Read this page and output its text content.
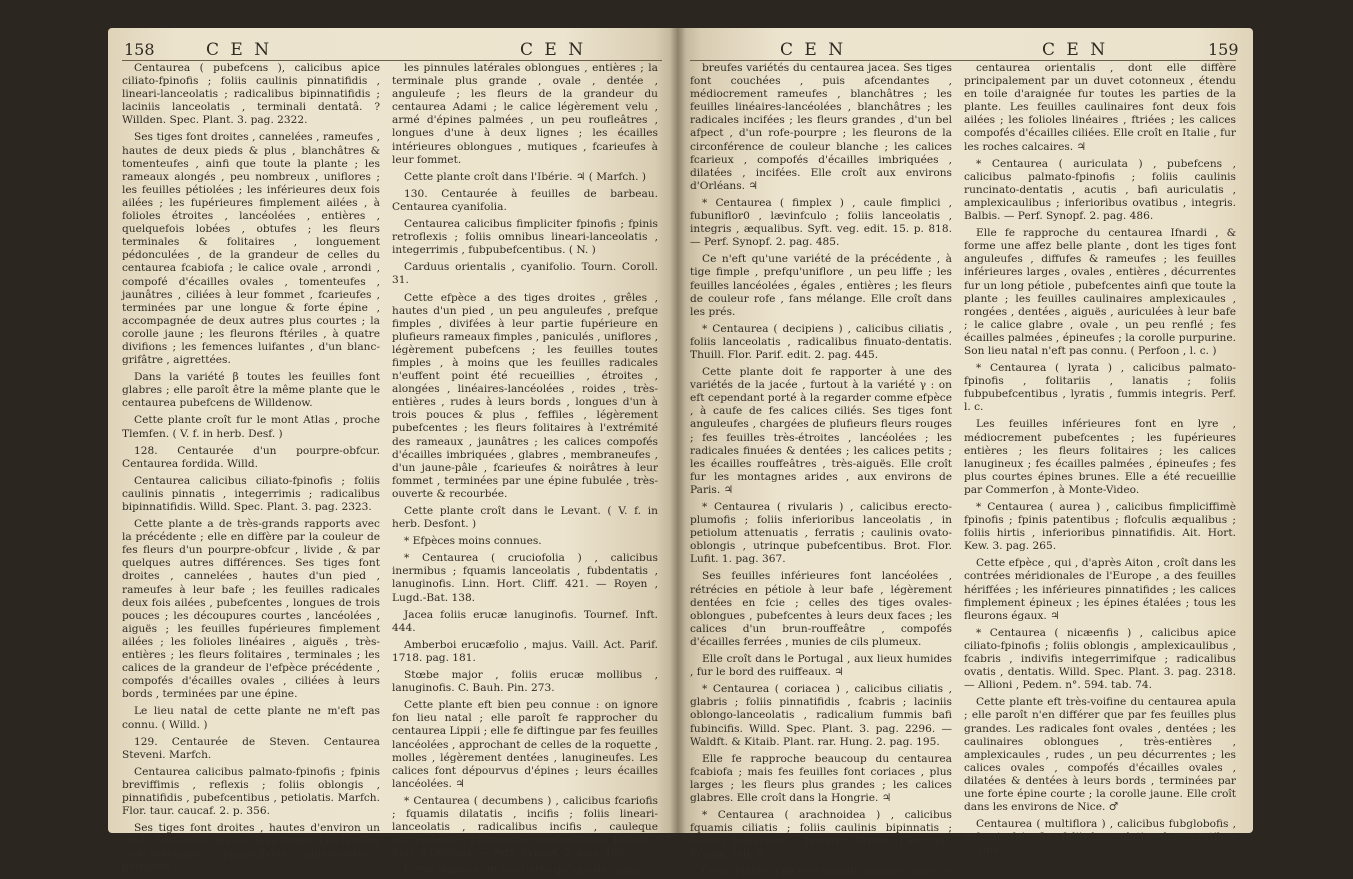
158	C E N	C E N	C E N	C E N	159

Centaurea ( pubefcens ), calicibus apice ciliato-fpinofis ; foliis caulinis pinnatifidis , lineari-lanceolatis ; radicalibus bipinnatifidis ; laciniis lanceolatis , terminali dentatâ. ? Willden. Spec. Plant. 3. pag. 2322.

Ses tiges font droites , cannelées , rameufes , hautes de deux pieds & plus , blanchâtres & tomenteufes , ainfi que toute la plante ; les rameaux alongés , peu nombreux , uniflores ; les feuilles pétiolées ; les inférieures deux fois ailées ; les fupérieures fimplement ailées , à folioles étroites , lancéolées , entières , quelquefois lobées , obtufes ; les fleurs terminales & folitaires , longuement pédonculées , de la grandeur de celles du centaurea fcabiofa ; le calice ovale , arrondi , compofé d'écailles ovales , tomenteufes , jaunâtres , ciliées à leur fommet , fcarieufes , terminées par une longue & forte épine , accompagnée de deux autres plus courtes ; la corolle jaune ; les fleurons ftériles , à quatre divifions ; les femences luifantes , d'un blanc-grifâtre , aigrettées.

Dans la variété β toutes les feuilles font glabres ; elle paroît être la même plante que le centaurea pubefcens de Willdenow.

Cette plante croît fur le mont Atlas , proche Tlemfen. ( V. f. in herb. Desf. )

128. Centaurée d'un pourpre-obfcur. Centaurea fordida. Willd.

Centaurea calicibus ciliato-fpinofis ; foliis caulinis pinnatis , integerrimis ; radicalibus bipinnatifidis. Willd. Spec. Plant. 3. pag. 2323.

Cette plante a de très-grands rapports avec la précédente ; elle en diffère par la couleur de fes fleurs d'un pourpre-obfcur , livide , & par quelques autres différences. Ses tiges font droites , cannelées , hautes d'un pied , rameufes à leur bafe ; les feuilles radicales deux fois ailées , pubefcentes , longues de trois pouces ; les découpures courtes , lancéolées , aiguës ; les feuilles fupérieures fimplement ailées ; les folioles linéaires , aiguës , très-entières ; les fleurs folitaires , terminales ; les calices de la grandeur de l'efpèce précédente , compofés d'écailles ovales , ciliées à leurs bords , terminées par une épine.

Le lieu natal de cette plante ne m'eft pas connu. ( Willd. )

129. Centaurée de Steven. Centaurea Steveni. Marfch.

Centaurea calicibus palmato-fpinofis ; fpinis breviffimis , reflexis ; foliis oblongis , pinnatifidis , pubefcentibus , petiolatis. Marfch. Flor. taur. caucaf. 2. p. 356.

Ses tiges font droites , hautes d'environ un pied , foutenant une ou deux fleurs. Les feuilles font oblongues , pinnatifides , pubefcentes , pétiolées ;

les pinnules latérales oblongues , entières ; la terminale plus grande , ovale , dentée , anguleufe ; les fleurs de la grandeur du centaurea Adami ; le calice légèrement velu , armé d'épines palmées , un peu roufleâtres , longues d'une à deux lignes ; les écailles intérieures oblongues , mutiques , fcarieufes à leur fommet.

Cette plante croît dans l'Ibérie. ♃ ( Marfch. )

130. Centaurée à feuilles de barbeau. Centaurea cyanifolia.

Centaurea calicibus fimpliciter fpinofis ; fpinis retroflexis ; foliis omnibus lineari-lanceolatis , integerrimis , fubpubefcentibus. ( N. )

Carduus orientalis , cyanifolio. Tourn. Coroll. 31.

Cette efpèce a des tiges droites , grêles , hautes d'un pied , un peu anguleufes , prefque fimples , divifées à leur partie fupérieure en plufieurs rameaux fimples , paniculés , uniflores , légèrement pubefcens ; les feuilles toutes fimples , à moins que les feuilles radicales n'euffent point été recueillies , étroites , alongées , linéaires-lancéolées , roides , très-entières , rudes à leurs bords , longues d'un à trois pouces & plus , feffiles , légèrement pubefcentes ; les fleurs folitaires à l'extrémité des rameaux , jaunâtres ; les calices compofés d'écailles imbriquées , glabres , membraneufes , d'un jaune-pâle , fcarieufes & noirâtres à leur fommet , terminées par une épine fubulée , très-ouverte & recourbée.

Cette plante croît dans le Levant. ( V. f. in herb. Desfont. )

* Efpèces moins connues.

* Centaurea ( cruciofolia ) , calicibus inermibus ; fquamis lanceolatis , fubdentatis , lanuginofis. Linn. Hort. Cliff. 421. — Royen , Lugd.-Bat. 138.

Jacea foliis erucæ lanuginofis. Tournef. Inft. 444.

Amberboi erucæfolio , majus. Vaill. Act. Parif. 1718. pag. 181.

Stœbe major , foliis erucæ mollibus , lanuginofis. C. Bauh. Pin. 273.

Cette plante eft bien peu connue : on ignore fon lieu natal ; elle paroît fe rapprocher du centaurea Lippii ; elle fe diftingue par fes feuilles lancéolées , approchant de celles de la roquette , molles , légèrement dentées , lanugineufes. Les calices font dépourvus d'épines ; leurs écailles lancéolées. ♃

* Centaurea ( decumbens ) , calicibus fcariofis ; fquamis dilatatis , incifis ; foliis lineari-lanceolatis , radicalibus incifis , cauleque adfcendente , fubramofo canefcentibus. Dubois , Flor. d'Orléans. — Perf. Synopf. 2. pag. 485.

Cette plante n'eft peut-être qu'une des nom-

breufes variétés du centaurea jacea. Ses tiges font couchées , puis afcendantes , médiocrement rameufes , blanchâtres ; les feuilles linéaires-lancéolées , blanchâtres ; les radicales incifées ; les fleurs grandes , d'un bel afpect , d'un rofe-pourpre ; les fleurons de la circonférence de couleur blanche ; les calices fcarieux , compofés d'écailles imbriquées , dilatées , incifées. Elle croît aux environs d'Orléans. ♃

* Centaurea ( fimplex ) , caule fimplici , fubuniflor0 , lævinfculo ; foliis lanceolatis , integris , æqualibus. Syft. veg. edit. 15. p. 818. — Perf. Synopf. 2. pag. 485.

Ce n'eft qu'une variété de la précédente , à tige fimple , prefqu'uniflore , un peu liffe ; les feuilles lancéolées , égales , entières ; les fleurs de couleur rofe , fans mélange. Elle croît dans les prés.

* Centaurea ( decipiens ) , calicibus ciliatis , foliis lanceolatis , radicalibus finuato-dentatis. Thuill. Flor. Parif. edit. 2. pag. 445.

Cette plante doit fe rapporter à une des variétés de la jacée , furtout à la variété γ : on eft cependant porté à la regarder comme efpèce , à caufe de fes calices ciliés. Ses tiges font anguleufes , chargées de plufieurs fleurs rouges ; fes feuilles très-étroites , lancéolées ; les radicales finuées & dentées ; les calices petits ; les écailles rouffeâtres , très-aiguës. Elle croît fur les montagnes arides , aux environs de Paris. ♃

* Centaurea ( rivularis ) , calicibus erecto-plumofis ; foliis inferioribus lanceolatis , in petiolum attenuatis , ferratis ; caulinis ovato-oblongis , utrinque pubefcentibus. Brot. Flor. Lufit. 1. pag. 367.

Ses feuilles inférieures font lancéolées , rétrécies en pétiole à leur bafe , légèrement dentées en fcie ; celles des tiges ovales-oblongues , pubefcentes à leurs deux faces ; les calices d'un brun-rouffeâtre , compofés d'écailles ferrées , munies de cils plumeux.

Elle croît dans le Portugal , aux lieux humides , fur le bord des ruiffeaux. ♃

* Centaurea ( coriacea ) , calicibus ciliatis , glabris ; foliis pinnatifidis , fcabris ; laciniis oblongo-lanceolatis , radicalium fummis bafi fubincifis. Willd. Spec. Plant. 3. pag. 2296. — Waldft. & Kitaib. Plant. rar. Hung. 2. pag. 195.

Elle fe rapproche beaucoup du centaurea fcabiofa ; mais fes feuilles font coriaces , plus larges ; les fleurs plus grandes ; les calices glabres. Elle croît dans la Hongrie. ♃

* Centaurea ( arachnoidea ) , calicibus fquamis ciliatis ; foliis caulinis bipinnatis ; foliolis linearibus , falcatis. Vivian. Flor. ital. Fragm. tab. 8.

Cette plante a de très-grands rapports avec le

centaurea orientalis , dont elle diffère principalement par un duvet cotonneux , étendu en toile d'araignée fur toutes les parties de la plante. Les feuilles caulinaires font deux fois ailées ; les folioles linéaires , ftriées ; les calices compofés d'écailles ciliées. Elle croît en Italie , fur les roches calcaires. ♃

* Centaurea ( auriculata ) , pubefcens , calicibus palmato-fpinofis ; foliis caulinis runcinato-dentatis , acutis , bafi auriculatis , amplexicaulibus ; inferioribus ovatibus , integris. Balbis. — Perf. Synopf. 2. pag. 486.

Elle fe rapproche du centaurea Ifnardi , & forme une affez belle plante , dont les tiges font anguleufes , diffufes & rameufes ; les feuilles inférieures larges , ovales , entières , décurrentes fur un long pétiole , pubefcentes ainfi que toute la plante ; les feuilles caulinaires amplexicaules , rongées , dentées , aiguës , auriculées à leur bafe ; le calice glabre , ovale , un peu renflé ; fes écailles palmées , épineufes ; la corolle purpurine. Son lieu natal n'eft pas connu. ( Perfoon , l. c. )

* Centaurea ( lyrata ) , calicibus palmato-fpinofis , folitariis , lanatis ; foliis fubpubefcentibus , lyratis , fummis integris. Perf. l. c.

Les feuilles inférieures font en lyre , médiocrement pubefcentes ; les fupérieures entières ; les fleurs folitaires ; les calices lanugineux ; fes écailles palmées , épineufes ; fes plus courtes épines brunes. Elle a été recueillie par Commerfon , à Monte-Video.

* Centaurea ( aurea ) , calicibus fimpliciffimè fpinofis ; fpinis patentibus ; flofculis æqualibus ; foliis hirtis , inferioribus pinnatifidis. Ait. Hort. Kew. 3. pag. 265.

Cette efpèce , qui , d'après Aiton , croît dans les contrées méridionales de l'Europe , a des feuilles hériffées ; les inférieures pinnatifides ; les calices fimplement épineux ; les épines étalées ; tous les fleurons égaux. ♃

* Centaurea ( nicæenfis ) , calicibus apice ciliato-fpinofis ; foliis oblongis , amplexicaulibus , fcabris , indivifis integerrimifque ; radicalibus ovatis , dentatis. Willd. Spec. Plant. 3. pag. 2318. — Allioni , Pedem. n°. 594. tab. 74.

Cette plante eft très-voifine du centaurea apula ; elle paroît n'en différer que par fes feuilles plus grandes. Les radicales font ovales , dentées ; les caulinaires oblongues , très-entières , amplexicaules , rudes , un peu décurrentes ; les calices ovales , compofés d'écailles ovales , dilatées & dentées à leurs bords , terminées par une forte épine courte ; la corolle jaune. Elle croît dans les environs de Nice. ♂

Centaurea ( multiflora ) , calicibus fubglobofis , palmato-fpinofis ; foliis lanceolatis , decurrentibus ; caule
